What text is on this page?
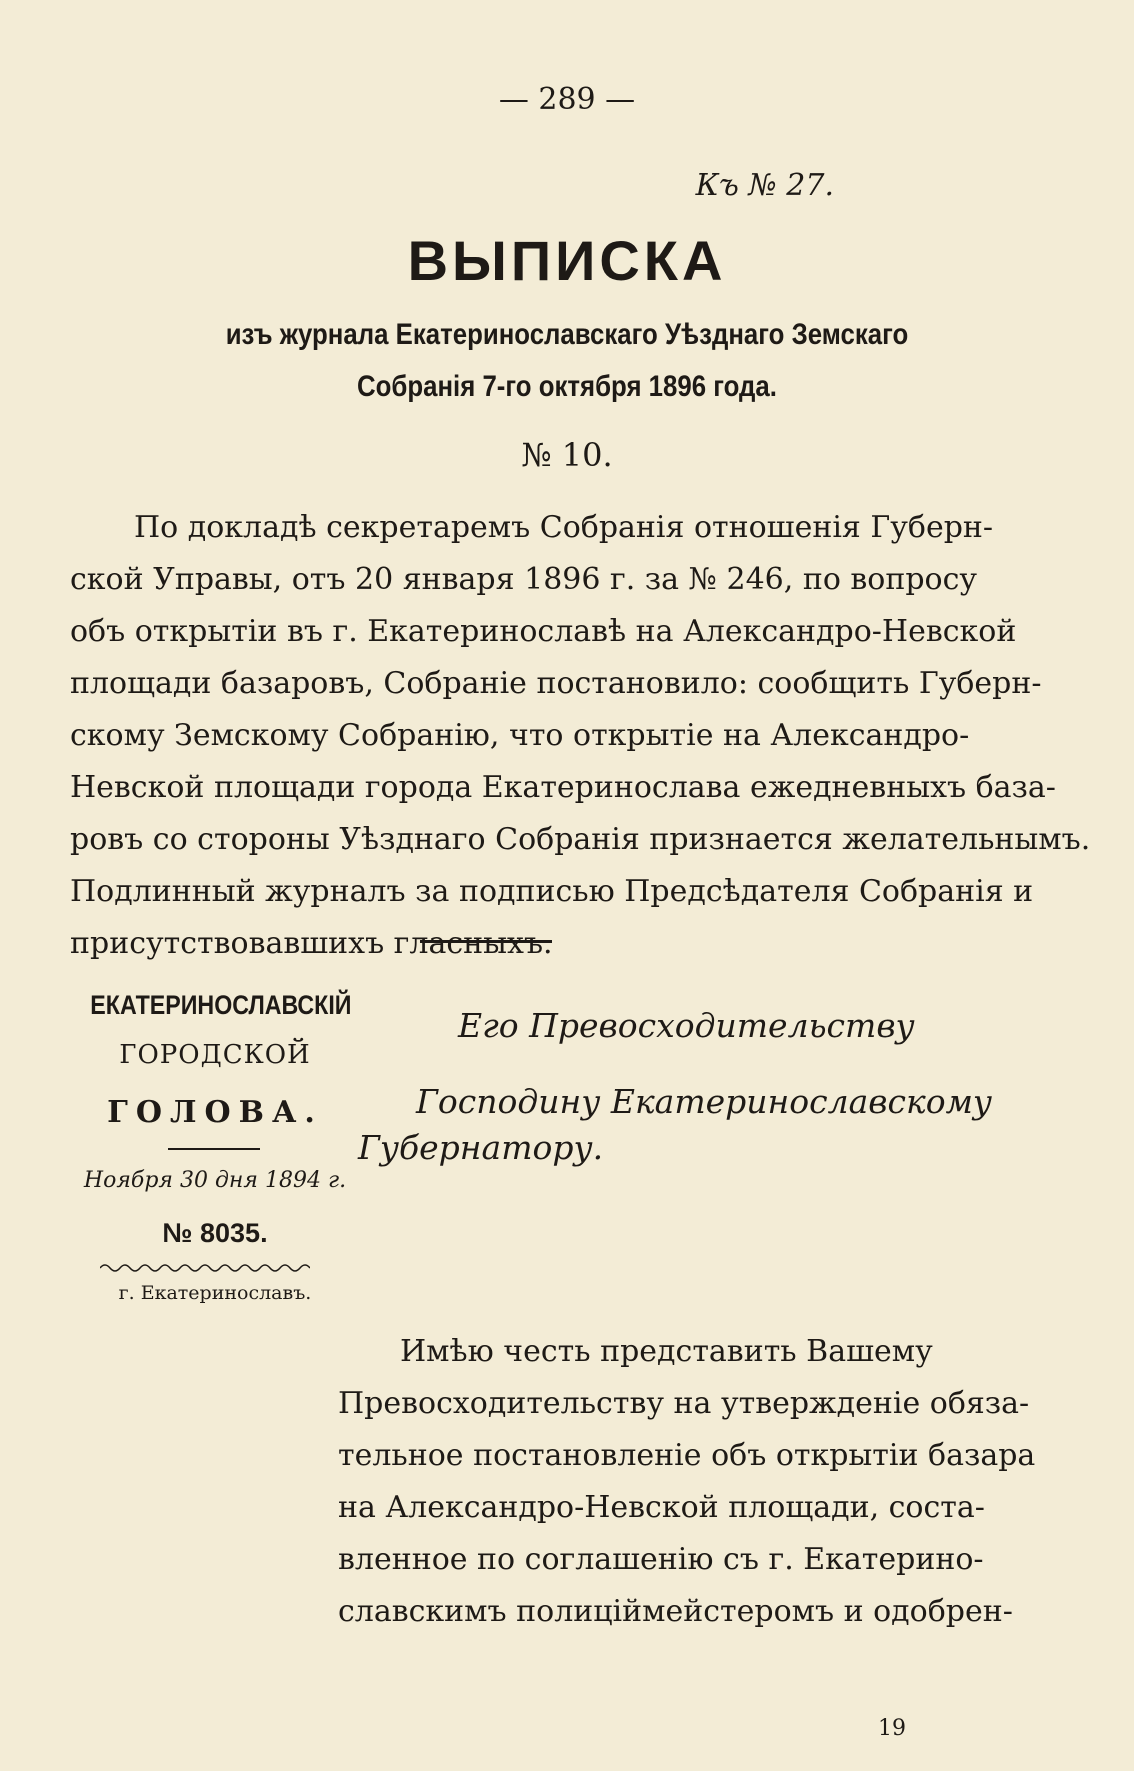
— 289 —
Къ № 27.
ВЫПИСКА
изъ журнала Екатеринославскаго Уѣзднаго Земскаго
Собранія 7-го октября 1896 года.
№ 10.
По докладѣ секретаремъ Собранія отношенія Губерн-
ской Управы, отъ 20 января 1896 г. за № 246, по вопросу
объ открытіи въ г. Екатеринославѣ на Александро-Невской
площади базаровъ, Собраніе постановило: сообщить Губерн-
скому Земскому Собранію, что открытіе на Александро-
Невской площади города Екатеринослава ежедневныхъ база-
ровъ со стороны Уѣзднаго Собранія признается желательнымъ.
Подлинный журналъ за подписью Предсѣдателя Собранія и
присутствовавшихъ гласныхъ.
ЕКАТЕРИНОСЛАВСКІЙ
ГОРОДСКОЙ
ГОЛОВА.
Ноября 30 дня 1894 г.
№ 8035.
г. Екатеринославъ.
Его Превосходительству
Господину Екатеринославскому
Губернатору.
Имѣю честь представить Вашему
Превосходительству на утвержденіе обяза-
тельное постановленіе объ открытіи базара
на Александро-Невской площади, соста-
вленное по соглашенію съ г. Екатерино-
славскимъ полиціймейстеромъ и одобрен-
19
